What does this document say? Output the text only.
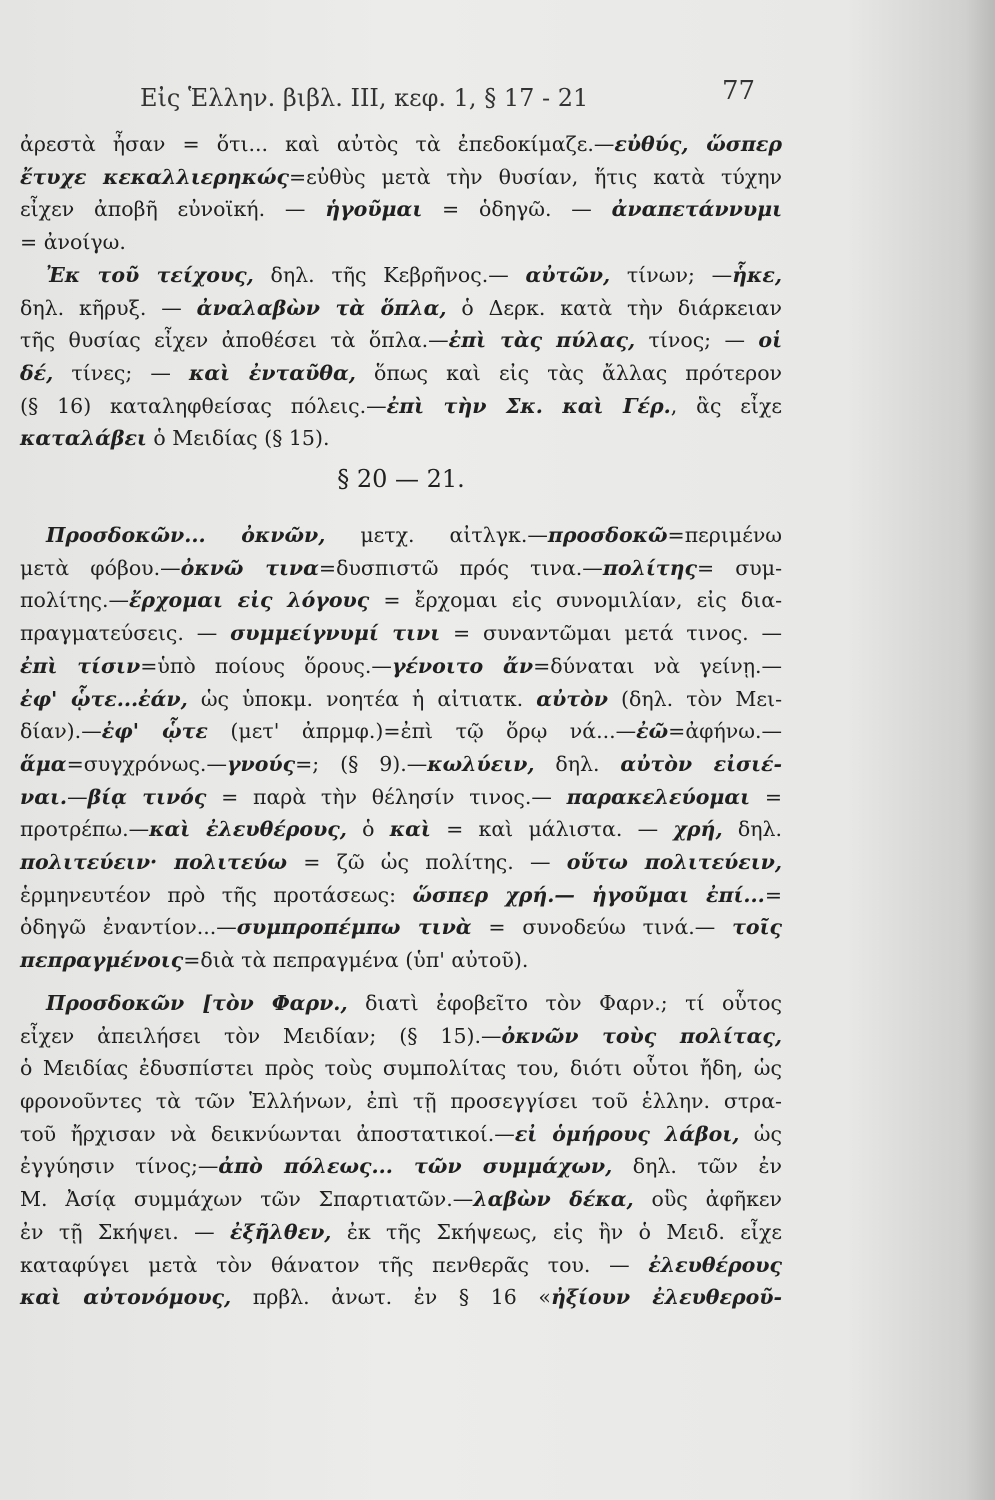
Εἰς Ἑλλην. βιβλ. III, κεφ. 1, § 17 - 21	77
ἀρεστὰ ἦσαν = ὅτι... καὶ αὐτὸς τὰ ἐπεδοκίμαζε.—εὐθύς, ὥσπερ
ἔτυχε κεκαλλιερηκώς=εὐθὺς μετὰ τὴν θυσίαν, ἥτις κατὰ τύχην
εἶχεν ἀποβῆ εὐνοϊκή. — ἡγοῦμαι = ὁδηγῶ. — ἀναπετάννυμι
= ἀνοίγω.
Ἐκ τοῦ τείχους, δηλ. τῆς Κεβρῆνος.— αὐτῶν, τίνων; —ἧκε,
δηλ. κῆρυξ. — ἀναλαβὼν τὰ ὅπλα, ὁ Δερκ. κατὰ τὴν διάρκειαν
τῆς θυσίας εἶχεν ἀποθέσει τὰ ὅπλα.—ἐπὶ τὰς πύλας, τίνος; — οἱ
δέ, τίνες; — καὶ ἐνταῦθα, ὅπως καὶ εἰς τὰς ἄλλας πρότερον
(§ 16) καταληφθείσας πόλεις.—ἐπὶ τὴν Σκ. καὶ Γέρ., ἃς εἶχε
καταλάβει ὁ Μειδίας (§ 15).
§ 20 — 21.
Προσδοκῶν... ὀκνῶν, μετχ. αἰτλγκ.—προσδοκῶ=περιμένω
μετὰ φόβου.—ὀκνῶ τινα=δυσπιστῶ πρός τινα.—πολίτης= συμ-
πολίτης.—ἔρχομαι εἰς λόγους = ἔρχομαι εἰς συνομιλίαν, εἰς δια-
πραγματεύσεις. — συμμείγνυμί τινι = συναντῶμαι μετά τινος. —
ἐπὶ τίσιν=ὑπὸ ποίους ὅρους.—γένοιτο ἄν=δύναται νὰ γείνῃ.—
ἐφ' ᾧτε...ἐάν, ὡς ὑποκμ. νοητέα ἡ αἰτιατκ. αὐτὸν (δηλ. τὸν Μει-
δίαν).—ἐφ' ᾧτε (μετ' ἀπρμφ.)=ἐπὶ τῷ ὅρῳ νά...—ἐῶ=ἀφήνω.—
ἅμα=συγχρόνως.—γνούς=; (§ 9).—κωλύειν, δηλ. αὐτὸν εἰσιέ-
ναι.—βίᾳ τινός = παρὰ τὴν θέλησίν τινος.— παρακελεύομαι =
προτρέπω.—καὶ ἐλευθέρους, ὁ καὶ = καὶ μάλιστα. — χρή, δηλ.
πολιτεύειν· πολιτεύω = ζῶ ὡς πολίτης. — οὕτω πολιτεύειν,
ἑρμηνευτέον πρὸ τῆς προτάσεως: ὥσπερ χρή.— ἡγοῦμαι ἐπί...=
ὁδηγῶ ἐναντίον...—συμπροπέμπω τινὰ = συνοδεύω τινά.— τοῖς
πεπραγμένοις=διὰ τὰ πεπραγμένα (ὑπ' αὐτοῦ).
Προσδοκῶν [τὸν Φαρν., διατὶ ἐφοβεῖτο τὸν Φαρν.; τί οὗτος
εἶχεν ἀπειλήσει τὸν Μειδίαν; (§ 15).—ὀκνῶν τοὺς πολίτας,
ὁ Μειδίας ἐδυσπίστει πρὸς τοὺς συμπολίτας του, διότι οὗτοι ἤδη, ὡς
φρονοῦντες τὰ τῶν Ἑλλήνων, ἐπὶ τῇ προσεγγίσει τοῦ ἑλλην. στρα-
τοῦ ἤρχισαν νὰ δεικνύωνται ἀποστατικοί.—εἰ ὁμήρους λάβοι, ὡς
ἐγγύησιν τίνος;—ἀπὸ πόλεως... τῶν συμμάχων, δηλ. τῶν ἐν
Μ. Ἀσίᾳ συμμάχων τῶν Σπαρτιατῶν.—λαβὼν δέκα, οὓς ἀφῆκεν
ἐν τῇ Σκήψει. — ἐξῆλθεν, ἐκ τῆς Σκήψεως, εἰς ἣν ὁ Μειδ. εἶχε
καταφύγει μετὰ τὸν θάνατον τῆς πενθερᾶς του. — ἐλευθέρους
καὶ αὐτονόμους, πρβλ. ἀνωτ. ἐν § 16 «ἠξίουν ἐλευθεροῦ-
